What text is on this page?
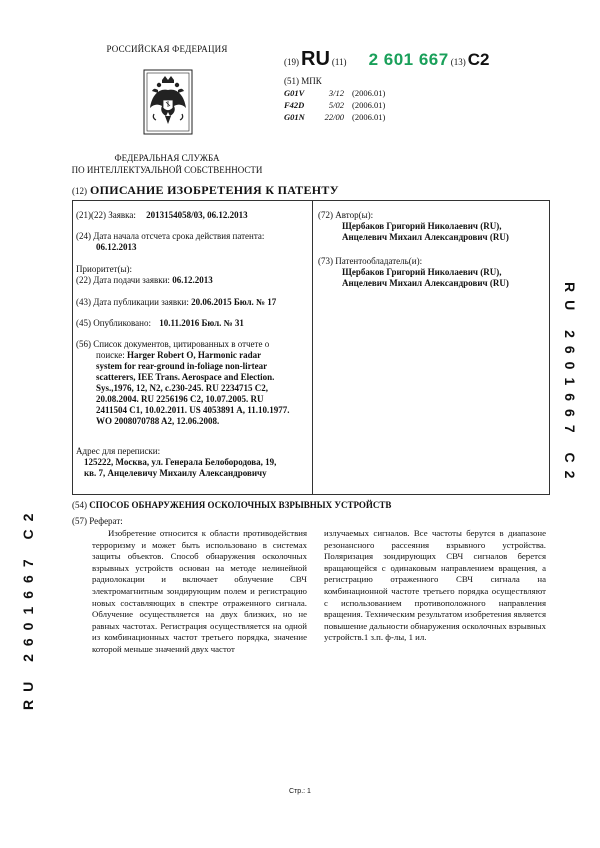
РОССИЙСКАЯ ФЕДЕРАЦИЯ
ФЕДЕРАЛЬНАЯ СЛУЖБА
ПО ИНТЕЛЛЕКТУАЛЬНОЙ СОБСТВЕННОСТИ
(19) RU (11) 2 601 667 (13) C2
(51) МПК
G01V	3/12 (2006.01)
F42D	5/02 (2006.01)
G01N 22/00 (2006.01)
(12) ОПИСАНИЕ ИЗОБРЕТЕНИЯ К ПАТЕНТУ
(21)(22) Заявка: 2013154058/03, 06.12.2013
(24) Дата начала отсчета срока действия патента:
06.12.2013
Приоритет(ы):
(22) Дата подачи заявки: 06.12.2013
(43) Дата публикации заявки: 20.06.2015 Бюл. № 17
(45) Опубликовано: 10.11.2016 Бюл. № 31
(56) Список документов, цитированных в отчете о
поиске: Harger Robert O, Harmonic radar
system for rear-ground in-foliage non-lirtear
scatterers, IEE Trans. Aerospace and Election.
Sys.,1976, 12, N2, c.230-245. RU 2234715 C2,
20.08.2004. RU 2256196 C2, 10.07.2005. RU
2411504 C1, 10.02.2011. US 4053891 A, 11.10.1977.
WO 2008070788 A2, 12.06.2008.
Адрес для переписки:
125222, Москва, ул. Генерала Белобородова, 19,
кв. 7, Анцелевичу Михаилу Александровичу
(72) Автор(ы):
Щербаков Григорий Николаевич (RU),
Анцелевич Михаил Александрович (RU)
(73) Патентообладатель(и):
Щербаков Григорий Николаевич (RU),
Анцелевич Михаил Александрович (RU)
(54) СПОСОБ ОБНАРУЖЕНИЯ ОСКОЛОЧНЫХ ВЗРЫВНЫХ УСТРОЙСТВ
(57) Реферат:
Изобретение относится к области противодействия терроризму и может быть использовано в системах защиты объектов. Способ обнаружения осколочных взрывных устройств основан на методе нелинейной радиолокации и включает облучение СВЧ электромагнитным зондирующим полем и регистрацию новых составляющих в спектре отраженного сигнала. Облучение осуществляется на двух близких, но не равных частотах. Регистрация осуществляется на одной из комбинационных частот третьего порядка, значение которой меньше значений двух частот
излучаемых сигналов. Все частоты берутся в диапазоне резонансного рассеяния взрывного устройства. Поляризация зондирующих СВЧ сигналов берется вращающейся с одинаковым направлением вращения, а регистрацию отраженного СВЧ сигнала на комбинационной частоте третьего порядка осуществляют с использованием противоположного направления вращения. Техническим результатом изобретения является повышение дальности обнаружения осколочных взрывных устройств.1 з.п. ф-лы, 1 ил.
RU 2601667 C2
RU 2601667 C2
Стр.: 1
